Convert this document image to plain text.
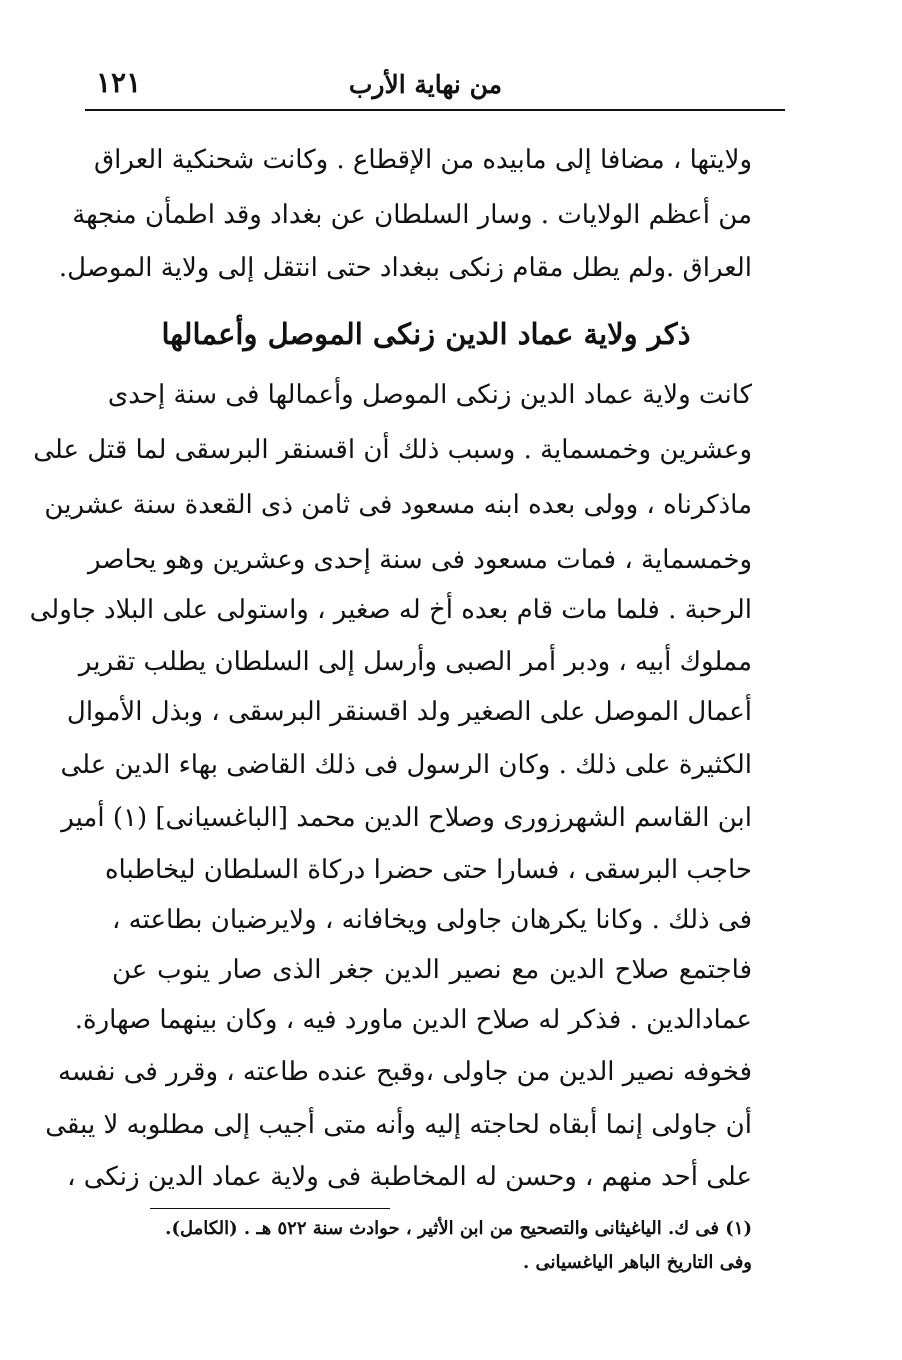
من نهاية الأرب
١٢١
ولايتها ، مضافا إلى مابيده من الإقطاع . وكانت شحنكية العراق
من أعظم الولايات . وسار السلطان عن بغداد وقد اطمأن منجهة
العراق .ولم يطل مقام زنكى ببغداد حتى انتقل إلى ولاية الموصل.
ذكر ولاية عماد الدين زنكى الموصل وأعمالها
كانت ولاية عماد الدين زنكى الموصل وأعمالها فى سنة إحدى
وعشرين وخمسماية . وسبب ذلك أن اقسنقر البرسقى لما قتل على
ماذكرناه ، وولى بعده ابنه مسعود فى ثامن ذى القعدة سنة عشرين
وخمسماية ، فمات مسعود فى سنة إحدى وعشرين وهو يحاصر
الرحبة . فلما مات قام بعده أخ له صغير ، واستولى على البلاد جاولى
مملوك أبيه ، ودبر أمر الصبى وأرسل إلى السلطان يطلب تقرير
أعمال الموصل على الصغير ولد اقسنقر البرسقى ، وبذل الأموال
الكثيرة على ذلك . وكان الرسول فى ذلك القاضى بهاء الدين على
ابن القاسم الشهرزورى وصلاح الدين محمد [الباغسيانى] (١) أمير
حاجب البرسقى ، فسارا حتى حضرا دركاة السلطان ليخاطباه
فى ذلك . وكانا يكرهان جاولى ويخافانه ، ولايرضيان بطاعته ،
فاجتمع صلاح الدين مع نصير الدين جغر الذى صار ينوب عن
عمادالدين . فذكر له صلاح الدين ماورد فيه ، وكان بينهما صهارة.
فخوفه نصير الدين من جاولى ،وقبح عنده طاعته ، وقرر فى نفسه
أن جاولى إنما أبقاه لحاجته إليه وأنه متى أجيب إلى مطلوبه لا يبقى
على أحد منهم ، وحسن له المخاطبة فى ولاية عماد الدين زنكى ،
(١) فى ك. الياغيثانى والتصحيح من ابن الأثير ، حوادث سنة ٥٢٢ هـ . (الكامل).
وفى التاريخ الباهر الياغسيانى .
